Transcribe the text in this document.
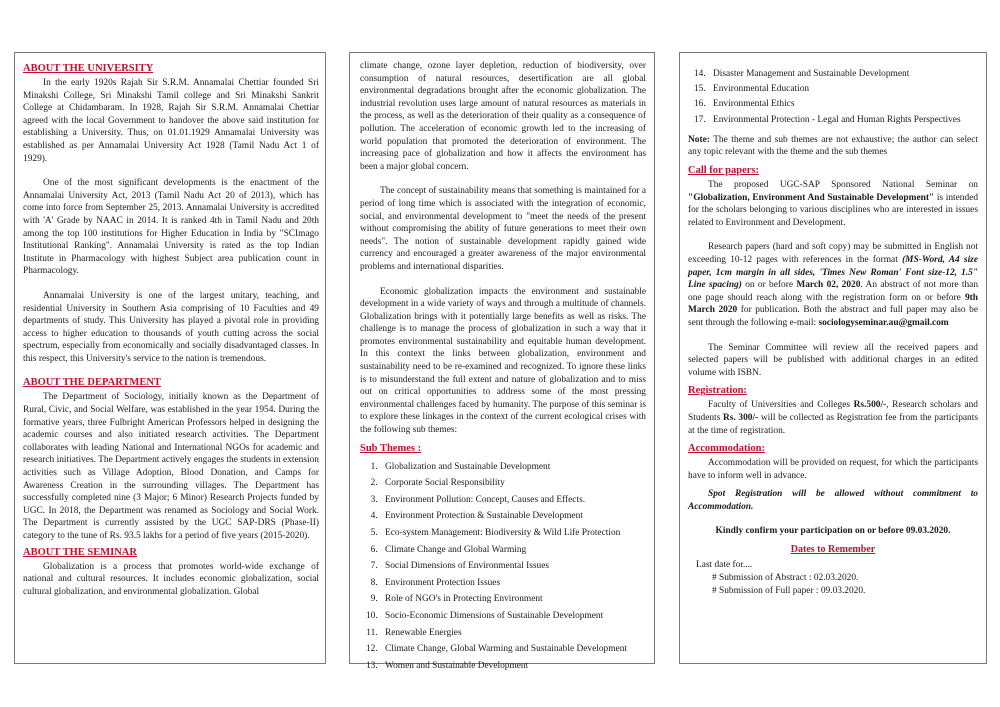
ABOUT THE UNIVERSITY

In the early 1920s Rajah Sir S.R.M. Annamalai Chettiar founded Sri Minakshi College, Sri Minakshi Tamil college and Sri Minakshi Sankrit College at Chidambaram. In 1928, Rajah Sir S.R.M. Annamalai Chettiar agreed with the local Government to handover the above said institution for establishing a University. Thus, on 01.01.1929 Annamalai University was established as per Annamalai University Act 1928 (Tamil Nadu Act 1 of 1929).

One of the most significant developments is the enactment of the Annamalai University Act, 2013 (Tamil Nadu Act 20 of 2013), which has come into force from September 25, 2013. Annamalai University is accredited with 'A' Grade by NAAC in 2014. It is ranked 4th in Tamil Nadu and 20th among the top 100 institutions for Higher Education in India by "SCImago Institutional Ranking". Annamalai University is rated as the top Indian Institute in Pharmacology with highest Subject area publication count in Pharmacology.

Annamalai University is one of the largest unitary, teaching, and residential University in Southern Asia comprising of 10 Faculties and 49 departments of study. This University has played a pivotal role in providing access to higher education to thousands of youth cutting across the social spectrum, especially from economically and socially disadvantaged classes. In this respect, this University's service to the nation is tremendous.

ABOUT THE DEPARTMENT

The Department of Sociology, initially known as the Department of Rural, Civic, and Social Welfare, was established in the year 1954. During the formative years, three Fulbright American Professors helped in designing the academic courses and also initiated research activities. The Department collaborates with leading National and International NGOs for academic and research initiatives. The Department actively engages the students in extension activities such as Village Adoption, Blood Donation, and Camps for Awareness Creation in the surrounding villages. The Department has successfully completed nine (3 Major; 6 Minor) Research Projects funded by UGC. In 2018, the Department was renamed as Sociology and Social Work. The Department is currently assisted by the UGC SAP-DRS (Phase-II) category to the tune of Rs. 93.5 lakhs for a period of five years (2015-2020).

ABOUT THE SEMINAR

Globalization is a process that promotes world-wide exchange of national and cultural resources. It includes economic globalization, social cultural globalization, and environmental globalization. Global

climate change, ozone layer depletion, reduction of biodiversity, over consumption of natural resources, desertification are all global environmental degradations brought after the economic globalization. The industrial revolution uses large amount of natural resources as materials in the process, as well as the deterioration of their quality as a consequence of pollution. The acceleration of economic growth led to the increasing of world population that promoted the deterioration of environment. The increasing pace of globalization and how it affects the environment has been a major global concern.

The concept of sustainability means that something is maintained for a period of long time which is associated with the integration of economic, social, and environmental development to "meet the needs of the present without compromising the ability of future generations to meet their own needs". The notion of sustainable development rapidly gained wide currency and encouraged a greater awareness of the major environmental problems and international disparities.

Economic globalization impacts the environment and sustainable development in a wide variety of ways and through a multitude of channels. Globalization brings with it potentially large benefits as well as risks. The challenge is to manage the process of globalization in such a way that it promotes environmental sustainability and equitable human development. In this context the links between globalization, environment and sustainability need to be re-examined and recognized. To ignore these links is to misunderstand the full extent and nature of globalization and to miss out on critical opportunities to address some of the most pressing environmental challenges faced by humanity. The purpose of this seminar is to explore these linkages in the context of the current ecological crises with the following sub themes:

Sub Themes :
1. Globalization and Sustainable Development
2. Corporate Social Responsibility
3. Environment Pollution: Concept, Causes and Effects.
4. Environment Protection & Sustainable Development
5. Eco-system Management: Biodiversity & Wild Life Protection
6. Climate Change and Global Warming
7. Social Dimensions of Environmental Issues
8. Environment Protection Issues
9. Role of NGO's in Protecting Environment
10. Socio-Economic Dimensions of Sustainable Development
11. Renewable Energies
12. Climate Change, Global Warming and Sustainable Development
13. Women and Sustainable Development
14. Disaster Management and Sustainable Development
15. Environmental Education
16. Environmental Ethics
17. Environmental Protection - Legal and Human Rights Perspectives

Note: The theme and sub themes are not exhaustive; the author can select any topic relevant with the theme and the sub themes

Call for papers:

The proposed UGC-SAP Sponsored National Seminar on "Globalization, Environment And Sustainable Development" is intended for the scholars belonging to various disciplines who are interested in issues related to Environment and Development.

Research papers (hard and soft copy) may be submitted in English not exceeding 10-12 pages with references in the format (MS-Word, A4 size paper, 1cm margin in all sides, 'Times New Roman' Font size-12, 1.5" Line spacing) on or before March 02, 2020. An abstract of not more than one page should reach along with the registration form on or before 9th March 2020 for publication. Both the abstract and full paper may also be sent through the following e-mail: sociologyseminar.au@gmail.com

The Seminar Committee will review all the received papers and selected papers will be published with additional charges in an edited volume with ISBN.

Registration:

Faculty of Universities and Colleges Rs.500/-, Research scholars and Students Rs. 300/- will be collected as Registration fee from the participants at the time of registration.

Accommodation:

Accommodation will be provided on request, for which the participants have to inform well in advance.

Spot Registration will be allowed without commitment to Accommodation.

Kindly confirm your participation on or before 09.03.2020.

Dates to Remember
Last date for....
# Submission of Abstract : 02.03.2020.
# Submission of Full paper : 09.03.2020.
